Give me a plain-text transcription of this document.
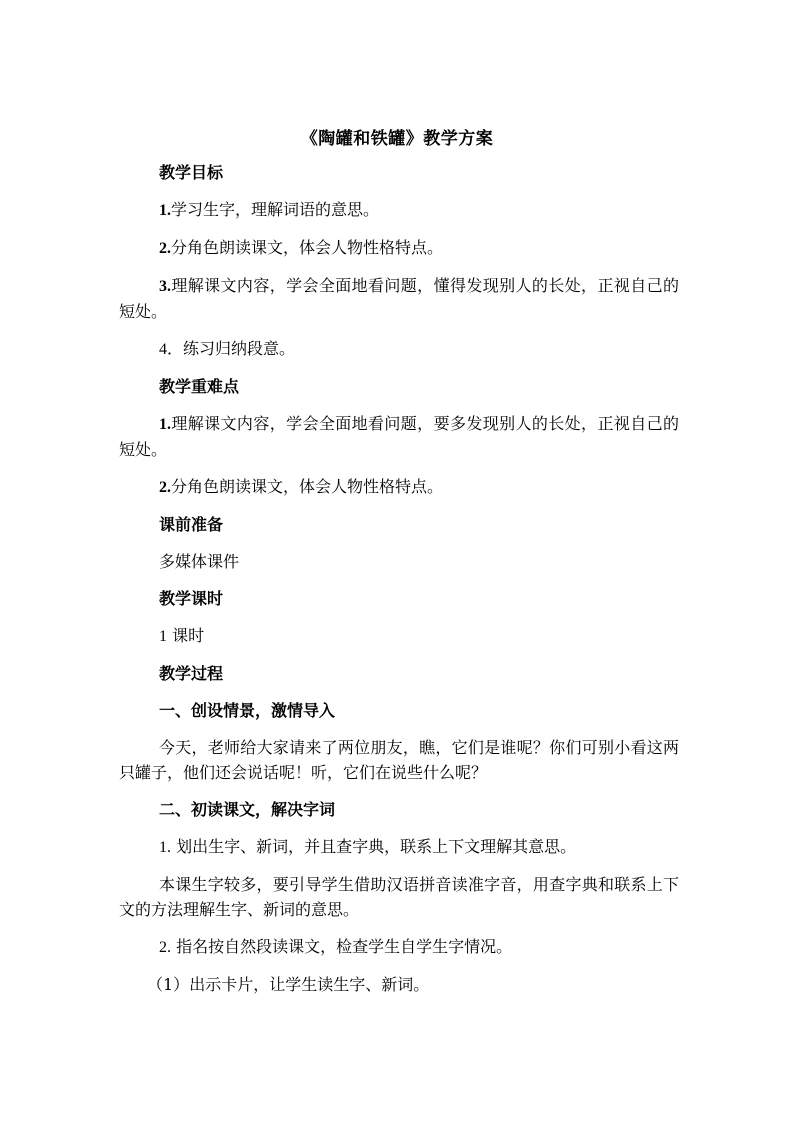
《陶罐和铁罐》教学方案

教学目标

1.学习生字，理解词语的意思。

2.分角色朗读课文，体会人物性格特点。

3.理解课文内容，学会全面地看问题，懂得发现别人的长处，正视自己的短处。

4．练习归纳段意。

教学重难点

1.理解课文内容，学会全面地看问题，要多发现别人的长处，正视自己的短处。

2.分角色朗读课文，体会人物性格特点。

课前准备

多媒体课件

教学课时

1 课时

教学过程

一、创设情景，激情导入

今天，老师给大家请来了两位朋友，瞧，它们是谁呢？你们可别小看这两只罐子，他们还会说话呢！听，它们在说些什么呢？

二、初读课文，解决字词

1. 划出生字、新词，并且查字典，联系上下文理解其意思。

本课生字较多，要引导学生借助汉语拼音读准字音，用查字典和联系上下文的方法理解生字、新词的意思。

2. 指名按自然段读课文，检查学生自学生字情况。

（1）出示卡片，让学生读生字、新词。
